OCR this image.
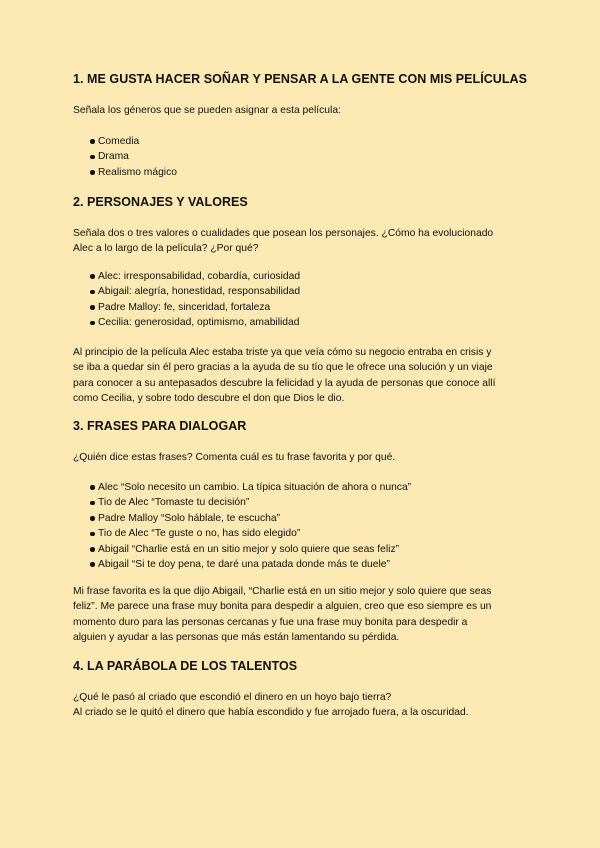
1. ME GUSTA HACER SOÑAR Y PENSAR A LA GENTE CON MIS PELÍCULAS
Señala los géneros que se pueden asignar a esta película:
Comedia
Drama
Realismo mágico
2. PERSONAJES Y VALORES
Señala dos o tres valores o cualidades que posean los personajes. ¿Cómo ha evolucionado
Alec a lo largo de la película? ¿Por qué?
Alec: irresponsabilidad, cobardía, curiosidad
Abigail: alegría, honestidad, responsabilidad
Padre Malloy: fe, sinceridad, fortaleza
Cecilia: generosidad, optimismo, amabilidad
Al principio de la película Alec estaba triste ya que veía cómo su negocio entraba en crisis y
se iba a quedar sin él pero gracias a la ayuda de su tío que le ofrece una solución y un viaje
para conocer a su antepasados descubre la felicidad y la ayuda de personas que conoce allí
como Cecilia, y sobre todo descubre el don que Dios le dio.
3. FRASES PARA DIALOGAR
¿Quién dice estas frases? Comenta cuál es tu frase favorita y por qué.
Alec “Solo necesito un cambio. La típica situación de ahora o nunca”
Tio de Alec “Tomaste tu decisión”
Padre Malloy “Solo háblale, te escucha”
Tio de Alec “Te guste o no, has sido elegido”
Abigail “Charlie está en un sitio mejor y solo quiere que seas feliz”
Abigail “Si te doy pena, te daré una patada donde más te duele”
Mi frase favorita es la que dijo Abigail, “Charlie está en un sitio mejor y solo quiere que seas
feliz”. Me parece una frase muy bonita para despedir a alguien, creo que eso siempre es un
momento duro para las personas cercanas y fue una frase muy bonita para despedir a
alguien y ayudar a las personas que más están lamentando su pérdida.
4. LA PARÁBOLA DE LOS TALENTOS
¿Qué le pasó al criado que escondió el dinero en un hoyo bajo tierra?
Al criado se le quitó el dinero que había escondido y fue arrojado fuera, a la oscuridad.
